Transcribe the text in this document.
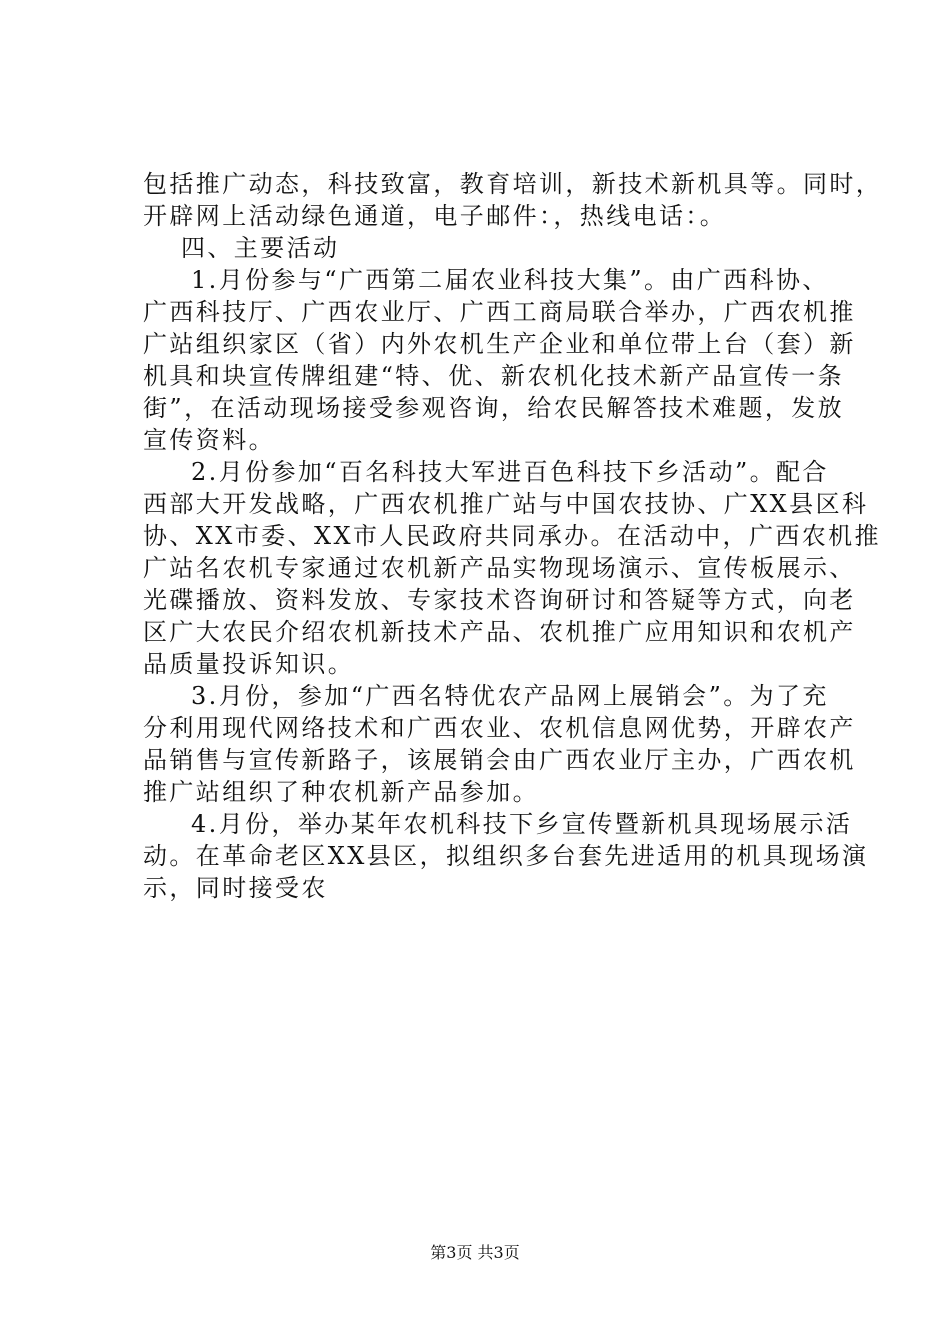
包括推广动态，科技致富，教育培训，新技术新机具等。同时，
开辟网上活动绿色通道，电子邮件：，热线电话：。
四、主要活动
1.月份参与“广西第二届农业科技大集”。由广西科协、
广西科技厅、广西农业厅、广西工商局联合举办，广西农机推
广站组织家区（省）内外农机生产企业和单位带上台（套）新
机具和块宣传牌组建“特、优、新农机化技术新产品宣传一条
街”，在活动现场接受参观咨询，给农民解答技术难题，发放
宣传资料。
2.月份参加“百名科技大军进百色科技下乡活动”。配合
西部大开发战略，广西农机推广站与中国农技协、广XX县区科
协、XX市委、XX市人民政府共同承办。在活动中，广西农机推
广站名农机专家通过农机新产品实物现场演示、宣传板展示、
光碟播放、资料发放、专家技术咨询研讨和答疑等方式，向老
区广大农民介绍农机新技术产品、农机推广应用知识和农机产
品质量投诉知识。
3.月份，参加“广西名特优农产品网上展销会”。为了充
分利用现代网络技术和广西农业、农机信息网优势，开辟农产
品销售与宣传新路子，该展销会由广西农业厅主办，广西农机
推广站组织了种农机新产品参加。
4.月份，举办某年农机科技下乡宣传暨新机具现场展示活
动。在革命老区XX县区，拟组织多台套先进适用的机具现场演
示，同时接受农
第3页 共3页
